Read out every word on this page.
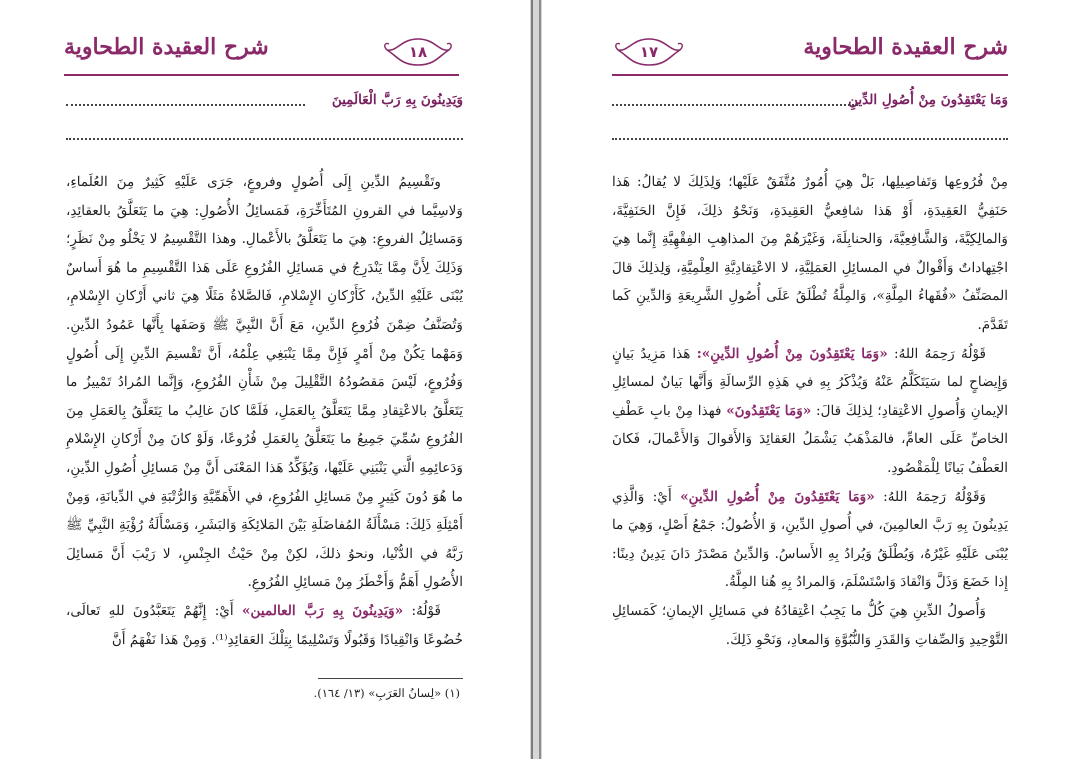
شرح العقيدة الطحاوية	١٨
وَيَدِينُونَ بِهِ رَبَّ الْعَالَمِينَ

وتَقْسِيمُ الدِّينِ إِلَى أُصُولٍ وفروعٍ، جَرَى عَلَيْهِ كَثِيرٌ مِنَ العُلَماءِ، وَلاسِيَّما في القرونِ المُتَأَخِّرَةِ، فَمَسائِلُ الأُصُولِ: هِيَ ما يَتَعَلَّقُ بالعقائِدِ، وَمَسائِلُ الفروعِ: هِيَ ما يَتَعَلَّقُ بالأَعْمالِ. وهذا التَّقْسِيمُ لا يَخْلُو مِنْ نَظَرٍ؛ وَذَلِكَ لِأَنَّ مِمَّا يَنْدَرِجُ في مَسائِلِ الفُرُوعِ عَلَى هَذا التَّقْسِيمِ ما هُوَ أَساسٌ يُبْنَى عَلَيْهِ الدِّينُ، كَأَرْكانِ الإِسْلامِ، فَالصَّلاةُ مَثَلًا هِيَ ثاني أَرْكانِ الإِسْلامِ، وَتُصَنَّفُ ضِمْنَ فُرُوعِ الدِّينِ، مَعَ أَنَّ النَّبِيَّ ﷺ وَصَفَها بِأَنَّها عَمُودُ الدِّينِ. وَمَهْما يَكُنْ مِنْ أَمْرٍ فَإِنَّ مِمَّا يَنْبَغِي عِلْمُهُ، أَنَّ تَقْسيمَ الدِّينِ إِلَى أُصُولٍ وَفُرُوعٍ، لَيْسَ مَقصُودُهُ التَّقْلِيلَ مِنْ شَأْنِ الفُرُوعِ، وَإِنَّما المُرادُ تَمْييزُ ما يَتَعَلَّقُ بالاعْتِقادِ مِمَّا يَتَعَلَّقُ بِالعَمَلِ، فَلَمَّا كانَ غالِبُ ما يَتَعَلَّقُ بِالعَمَلِ مِنَ الفُرُوعِ سُمِّيَ جَمِيعُ ما يَتَعَلَّقُ بِالعَمَلِ فُرُوعًا، وَلَوْ كانَ مِنْ أَرْكانِ الإِسْلامِ وَدَعائِمِهِ الَّتي يَنْبَنِي عَلَيْها، وَيُؤَكِّدُ هَذا المَعْنَى أَنَّ مِنْ مَسائِلِ أُصُولِ الدِّينِ، ما هُوَ دُونَ كَثِيرٍ مِنْ مَسائِلِ الفُرُوعِ، في الأَهَمِّيَّةِ وَالرُّتْبَةِ في الدِّيانَةِ، وَمِنْ أَمْثِلَةِ ذَلِكَ: مَسْأَلَةُ المُفاضَلَةِ بَيْنَ المَلائِكَةِ وَالبَشَرِ، وَمَسْأَلَةُ رُؤْيَةِ النَّبِيِّ ﷺ رَبَّهُ في الدُّنْيا، ونحوُ ذلكَ، لكِنْ مِنْ حَيْثُ الجِنْسِ، لا رَيْبَ أَنَّ مَسائِلَ الأُصُولِ أَهَمُّ وَأَخْطَرُ مِنْ مَسائِلِ الفُرُوعِ.

قَوْلُهُ: «وَيَدِينُونَ بِهِ رَبَّ العالمين» أَيْ: إِنَّهُمْ يَتَعَبَّدُونَ للهِ تَعالَى، خُضُوعًا وَانْقِيادًا وَقَبُولًا وَتَسْلِيمًا بِتِلْكَ العَقائِدِ⁽¹⁾. وَمِنْ هَذا نَفْهَمُ أَنَّ

(١) «لِسانُ العَرَبِ» (١٣/ ١٦٤).
شرح العقيدة الطحاوية
١٧
وَمَا يَعْتَقِدُونَ مِنْ أُصُولِ الدِّينِ

مِنْ فُرُوعِها وَتَفاصِيلِها، بَلْ هِيَ أُمُورٌ مُتَّفَقٌ عَلَيْها؛ وَلِذَلِكَ لا يُقالُ: هَذا حَنَفِيُّ العَقِيدَةِ، أَوْ هَذا شافِعيُّ العَقِيدَةِ، وَنَحْوُ ذلِكَ، فَإِنَّ الحَنَفِيَّةَ، وَالمالِكِيَّةَ، وَالشَّافِعِيَّةَ، وَالحنابِلَةَ، وَغَيْرَهُمْ مِنَ المذاهِبِ الفِقْهِيَّةِ إِنَّما هِيَ اجْتِهاداتٌ وَأَقْوالٌ في المسائِلِ العَمَلِيَّةِ، لا الاعْتِقادِيَّةِ العِلْمِيَّةِ، وَلِذلِكَ قالَ المصَنِّفُ «فُقَهاءُ المِلَّةِ»، وَالمِلَّةُ تُطْلَقُ عَلَى أُصُولِ الشَّرِيعَةِ وَالدِّينِ كَما تَقَدَّمَ.

قَوْلُهُ رَحِمَهُ اللهُ: «وَمَا يَعْتَقِدُونَ مِنْ أُصُولِ الدِّينِ»: هَذا مَزِيدُ بَيانٍ وَإِيضاحٍ لما سَيَتَكَلَّمُ عَنْهُ وَيُذْكَرُ بِهِ في هَذِهِ الرِّسالَةِ وَأَنَّها بَيانٌ لمسائِلِ الإيمانِ وَأُصولِ الاعْتِقادِ؛ لِذلِكَ قالَ: «وَمَا يَعْتَقِدُونَ» فهذا مِنْ بابِ عَطْفِ الخاصِّ عَلَى العامِّ، فالمَذْهَبُ يَشْمَلُ العَقائِدَ وَالأَقوالَ وَالأَعْمالَ، فَكانَ العَطْفُ بَيانًا لِلْمَقْصُودِ.

وَقَوْلُهُ رَحِمَهُ اللهُ: «وَمَا يَعْتَقِدُونَ مِنْ أُصُولِ الدِّينِ» أَيْ: وَالَّذِي يَدِينُونَ بِهِ رَبَّ العالمِينَ، في أُصولِ الدِّينِ، وَ الأُصُولُ: جَمْعُ أَصْلٍ، وَهِيَ ما يُبْنَى عَلَيْهِ غَيْرُهُ، وَيُطْلَقُ وَيُرادُ بِهِ الأَساسُ. وَالدِّينُ مَصْدَرُ دَانَ يَدِينُ دِينًا: إِذا خَضَعَ وَذَلَّ وَانْقادَ وَاسْتَسْلَمَ، وَالمرادُ بِهِ هُنا المِلَّةُ.

وَأُصولُ الدِّينِ هِيَ كُلُّ ما يَجِبُ اعْتِقادُهُ في مَسائِلِ الإيمانِ؛ كَمَسائِلِ التَّوْحِيدِ وَالصِّفاتِ وَالقَدَرِ وَالنُّبُوَّةِ وَالمعادِ، وَنَحْوِ ذَلِكَ.
